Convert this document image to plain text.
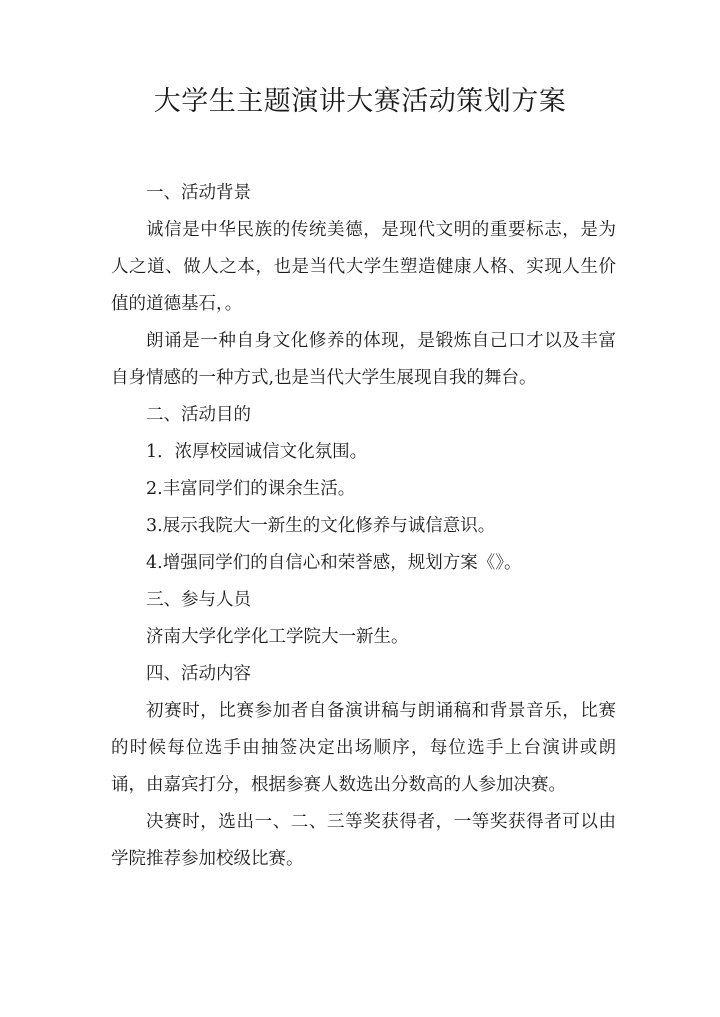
大学生主题演讲大赛活动策划方案

一、活动背景

诚信是中华民族的传统美德，是现代文明的重要标志，是为人之道、做人之本，也是当代大学生塑造健康人格、实现人生价值的道德基石，。

朗诵是一种自身文化修养的体现，是锻炼自己口才以及丰富自身情感的一种方式,也是当代大学生展现自我的舞台。

二、活动目的

1．浓厚校园诚信文化氛围。

2.丰富同学们的课余生活。

3.展示我院大一新生的文化修养与诚信意识。

4.增强同学们的自信心和荣誉感，规划方案《》。

三、参与人员

济南大学化学化工学院大一新生。

四、活动内容

初赛时，比赛参加者自备演讲稿与朗诵稿和背景音乐，比赛的时候每位选手由抽签决定出场顺序，每位选手上台演讲或朗诵，由嘉宾打分，根据参赛人数选出分数高的人参加决赛。

决赛时，选出一、二、三等奖获得者，一等奖获得者可以由学院推荐参加校级比赛。
